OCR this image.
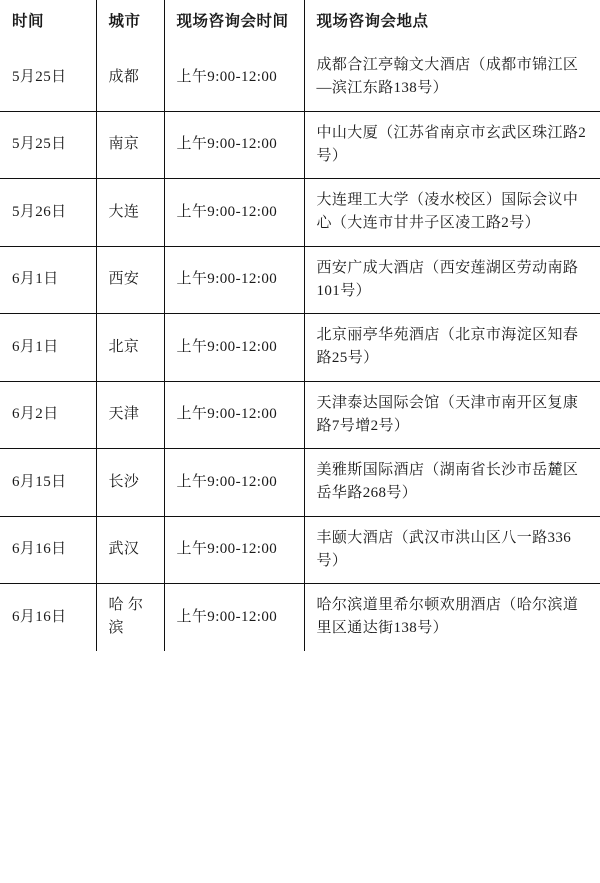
时间	城市	现场咨询会时间	现场咨询会地点
5月25日	成都	上午9:00-12:00	成都合江亭翰文大酒店（成都市锦江区—滨江东路138号）
5月25日	南京	上午9:00-12:00	中山大厦（江苏省南京市玄武区珠江路2号）
5月26日	大连	上午9:00-12:00	大连理工大学（凌水校区）国际会议中心（大连市甘井子区凌工路2号）
6月1日	西安	上午9:00-12:00	西安广成大酒店（西安莲湖区劳动南路101号）
6月1日	北京	上午9:00-12:00	北京丽亭华苑酒店（北京市海淀区知春路25号）
6月2日	天津	上午9:00-12:00	天津泰达国际会馆（天津市南开区复康路7号增2号）
6月15日	长沙	上午9:00-12:00	美雅斯国际酒店（湖南省长沙市岳麓区岳华路268号）
6月16日	武汉	上午9:00-12:00	丰颐大酒店（武汉市洪山区八一路336号）
6月16日	哈 尔 滨	上午9:00-12:00	哈尔滨道里希尔顿欢朋酒店（哈尔滨道里区通达街138号）
